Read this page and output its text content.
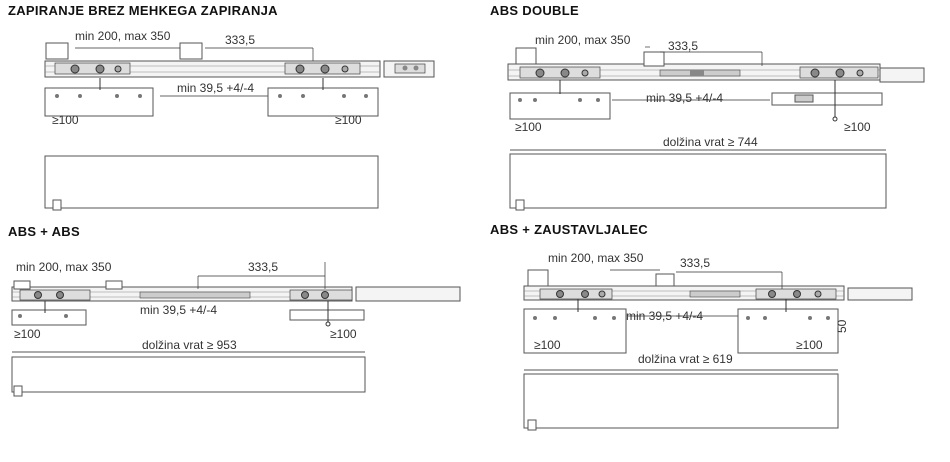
ZAPIRANJE BREZ MEHKEGA ZAPIRANJA
min 200, max 350	333,5
min 39,5 +4/-4
≥100	≥100
ABS DOUBLE
min 200, max 350	333,5
min 39,5 +4/-4
≥100	≥100
dolžina vrat ≥ 744
ABS + ABS
min 200, max 350	333,5
min 39,5 +4/-4
≥100	≥100
dolžina vrat ≥ 953
ABS + ZAUSTAVLJALEC
min 200, max 350	333,5
min 39,5 +4/-4
≥100	≥100
dolžina vrat ≥ 619
50
